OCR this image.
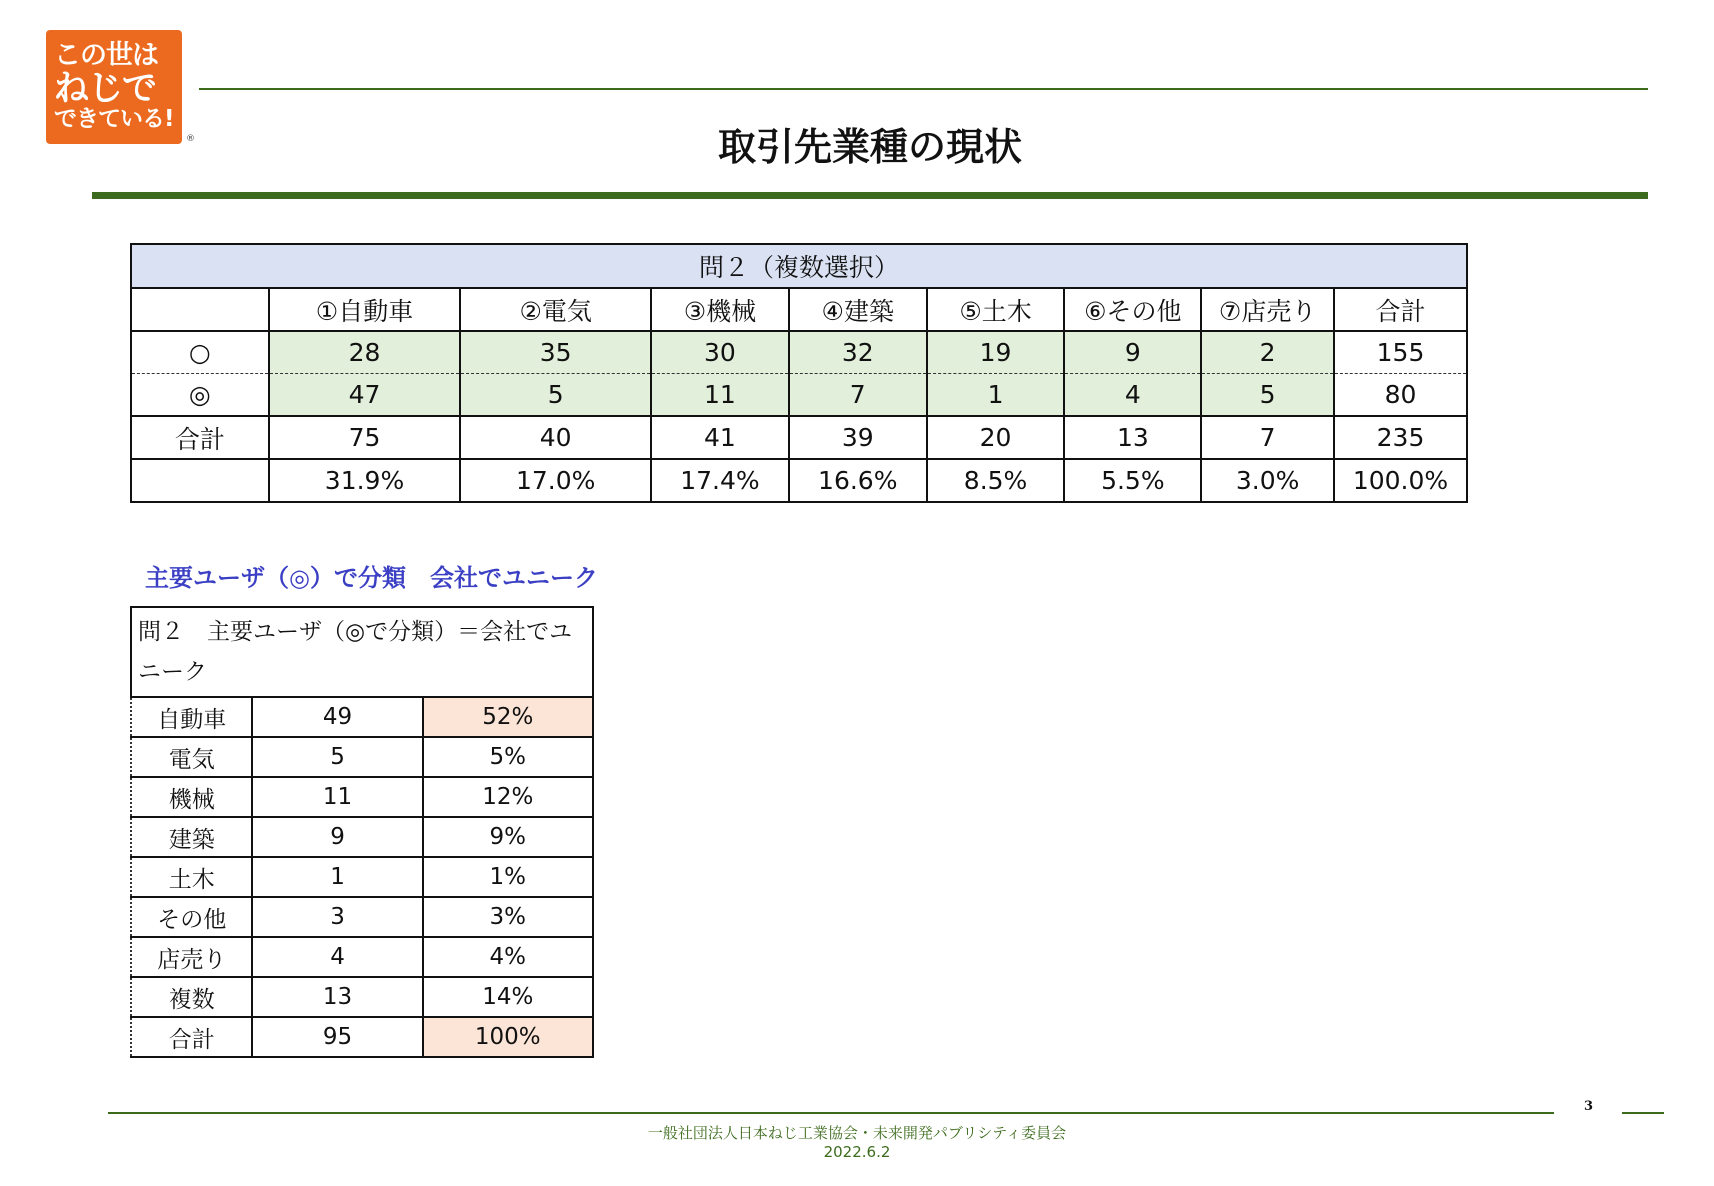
この世は
ねじで
できている!
®	取引先業種の現状
問２（複数選択）								
	①自動車	②電気	③機械	④建築	⑤土木	⑥その他	⑦店売り	合計
○	28	35	30	32	19	9	2	155
◎	47	5	11	7	1	4	5	80
合計	75	40	41	39	20	13	7	235
	31.9%	17.0%	17.4%	16.6%	8.5%	5.5%	3.0%	100.0%
主要ユーザ（◎）で分類　会社でユニーク
問２　主要ユーザ（◎で分類）＝会社でユニーク		
自動車	49	52%
電気	5	5%
機械	11	12%
建築	9	9%
土木	1	1%
その他	3	3%
店売り	4	4%
複数	13	14%
合計	95	100%
3
一般社団法人日本ねじ工業協会・未来開発パブリシティ委員会
2022.6.2
